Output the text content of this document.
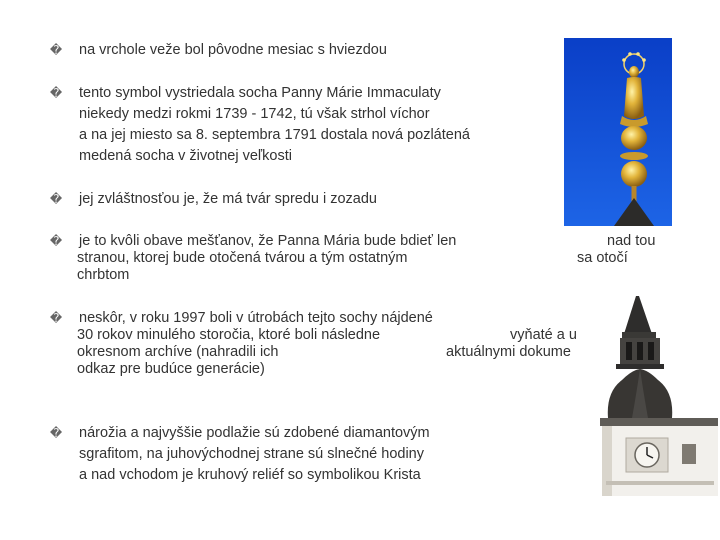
� na vrchole veže bol pôvodne mesiac s hviezdou
� tento symbol vystriedala socha Panny Márie Immaculaty
niekedy medzi rokmi 1739 - 1742, tú však strhol víchor
a na jej miesto sa 8. septembra 1791 dostala nová pozlátená
medená socha v životnej veľkosti
� jej zvláštnosťou je, že má tvár spredu i zozadu
� je to kvôli obave mešťanov, že Panna Mária bude bdieť len	nad tou
stranou, ktorej bude otočená tvárou a tým ostatným	sa otočí
chrbtom
� neskôr, v roku 1997 boli v útrobách tejto sochy nájdené
30 rokov minulého storočia, ktoré boli následne	vyňaté a u
okresnom archíve (nahradili ich	aktuálnymi dokume
odkaz pre budúce generácie)
� nárožia a najvyššie podlažie sú zdobené diamantovým
sgrafitom, na juhovýchodnej strane sú slnečné hodiny
a nad vchodom je kruhový reliéf so symbolikou Krista
